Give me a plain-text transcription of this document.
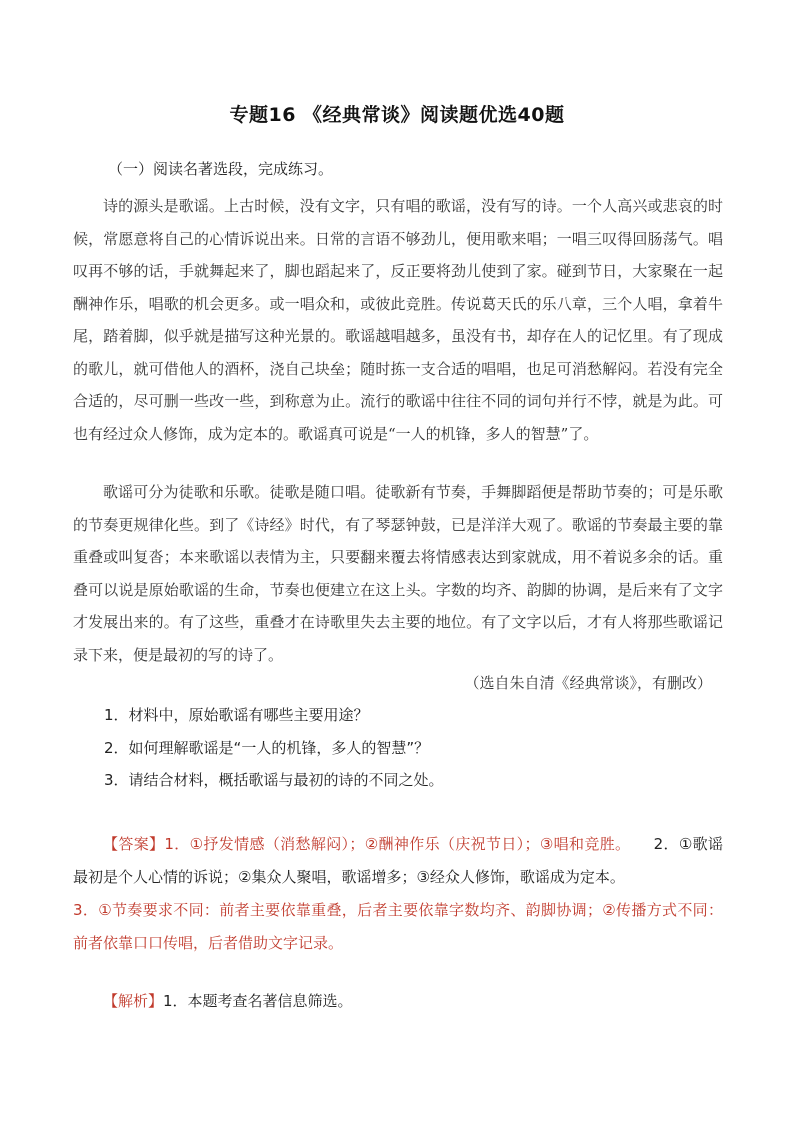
专题16 《经典常谈》阅读题优选40题
（一）阅读名著选段，完成练习。
诗的源头是歌谣。上古时候，没有文字，只有唱的歌谣，没有写的诗。一个人高兴或悲哀的时候，常愿意将自己的心情诉说出来。日常的言语不够劲儿，便用歌来唱；一唱三叹得回肠荡气。唱叹再不够的话，手就舞起来了，脚也蹈起来了，反正要将劲儿使到了家。碰到节日，大家聚在一起酬神作乐，唱歌的机会更多。或一唱众和，或彼此竞胜。传说葛天氏的乐八章，三个人唱，拿着牛尾，踏着脚，似乎就是描写这种光景的。歌谣越唱越多，虽没有书，却存在人的记忆里。有了现成的歌儿，就可借他人的酒杯，浇自己块垒；随时拣一支合适的唱唱，也足可消愁解闷。若没有完全合适的，尽可删一些改一些，到称意为止。流行的歌谣中往往不同的词句并行不悖，就是为此。可也有经过众人修饰，成为定本的。歌谣真可说是“一人的机锋，多人的智慧”了。
歌谣可分为徒歌和乐歌。徒歌是随口唱。徒歌新有节奏，手舞脚蹈便是帮助节奏的；可是乐歌的节奏更规律化些。到了《诗经》时代，有了琴瑟钟鼓，已是洋洋大观了。歌谣的节奏最主要的靠重叠或叫复沓；本来歌谣以表情为主，只要翻来覆去将情感表达到家就成，用不着说多余的话。重叠可以说是原始歌谣的生命，节奏也便建立在这上头。字数的均齐、韵脚的协调，是后来有了文字才发展出来的。有了这些，重叠才在诗歌里失去主要的地位。有了文字以后，才有人将那些歌谣记录下来，便是最初的写的诗了。
（选自朱自清《经典常谈》，有删改）
1．材料中，原始歌谣有哪些主要用途？
2．如何理解歌谣是“一人的机锋，多人的智慧”？
3．请结合材料，概括歌谣与最初的诗的不同之处。
【答案】1．①抒发情感（消愁解闷）；②酬神作乐（庆祝节日）；③唱和竞胜。　　2．①歌谣最初是个人心情的诉说；②集众人聚唱，歌谣增多；③经众人修饰，歌谣成为定本。
3．①节奏要求不同：前者主要依靠重叠，后者主要依靠字数均齐、韵脚协调；②传播方式不同：前者依靠口口传唱，后者借助文字记录。
【解析】1．本题考查名著信息筛选。
